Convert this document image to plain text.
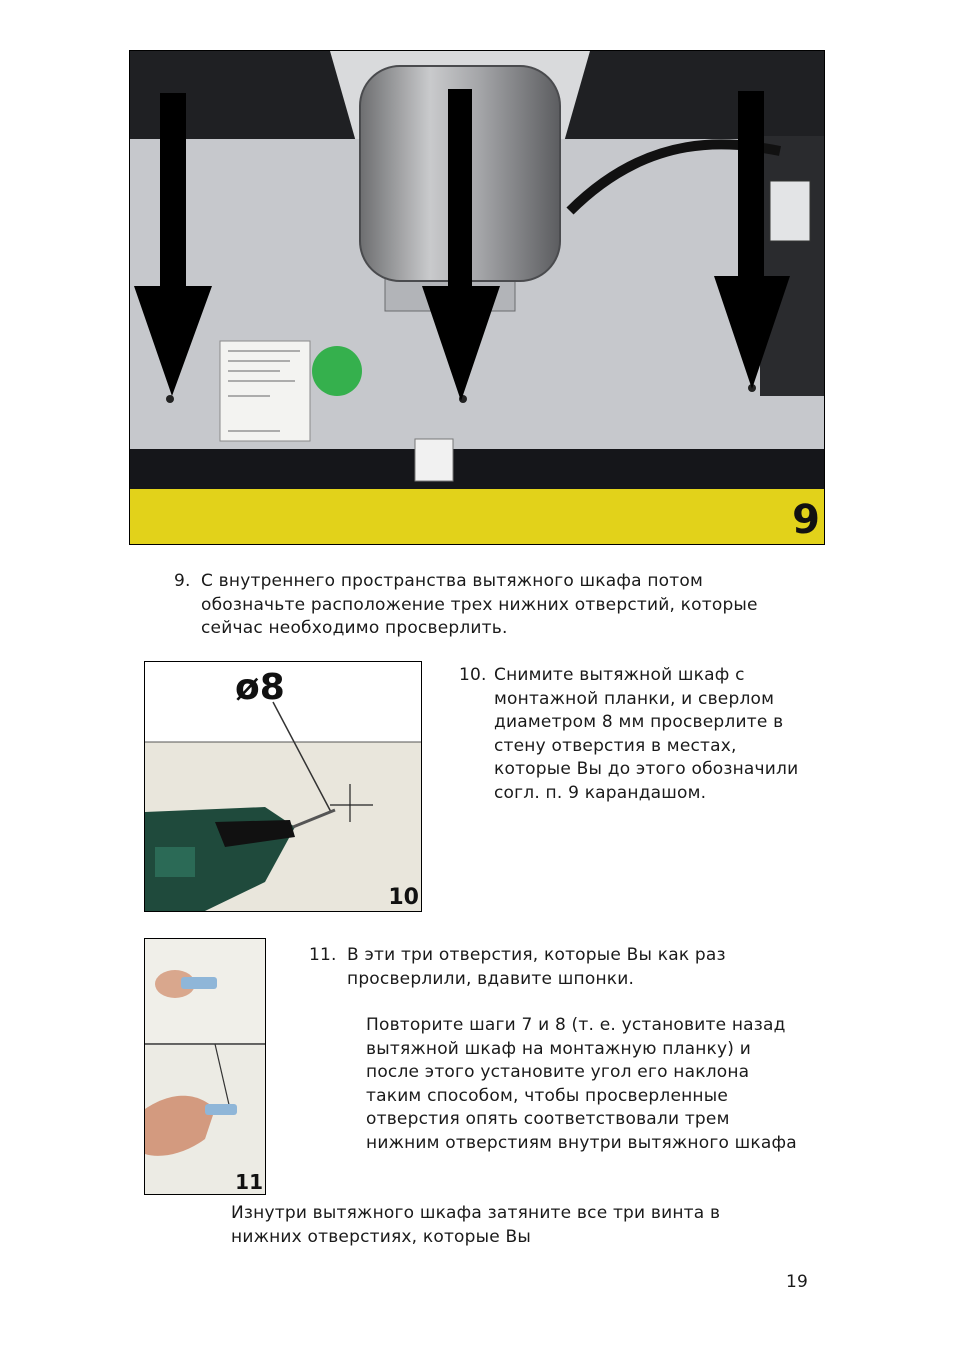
9
9. С внутреннего пространства вытяжного шкафа потом обозначьте расположение трех нижних отверстий, которые сейчас необходимо просверлить.
ø8
10
10. Снимите вытяжной шкаф с монтажной планки, и сверлом диаметром 8 мм просверлите в стену отверстия в местах, которые Вы до этого обозначили согл. п. 9 карандашом.
11
11. В эти три отверстия, которые Вы как раз просверлили, вдавите шпонки.
Повторите шаги 7 и 8 (т. е. установите назад вытяжной шкаф на монтажную планку) и после этого установите угол его наклона таким способом, чтобы просверленные отверстия опять соответствовали трем нижним отверстиям внутри вытяжного шкафа
Изнутри вытяжного шкафа затяните все три винта в нижних отверстиях, которые Вы
19
